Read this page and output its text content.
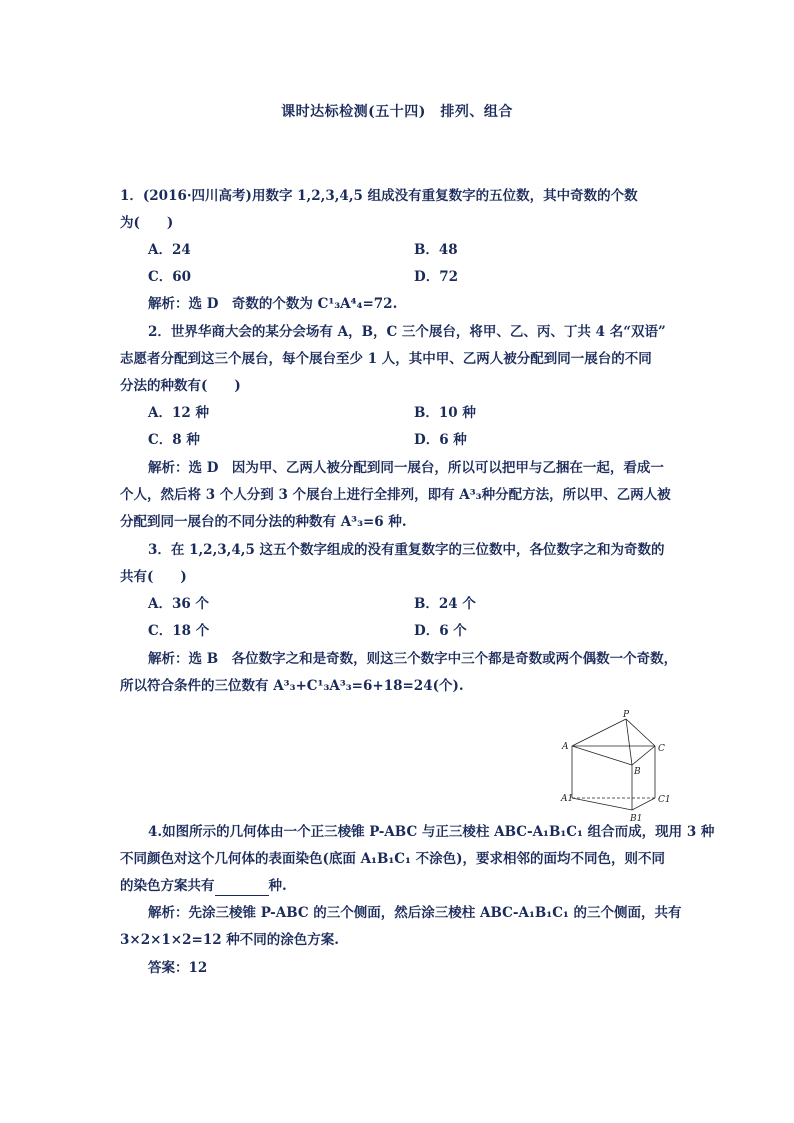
课时达标检测(五十四)　排列、组合
1．(2016·四川高考)用数字 1,2,3,4,5 组成没有重复数字的五位数，其中奇数的个数
为(　　)
A．24	B．48
C．60	D．72
解析：选 D　奇数的个数为 C¹₃A⁴₄=72.
2．世界华商大会的某分会场有 A，B，C 三个展台，将甲、乙、丙、丁共 4 名“双语”
志愿者分配到这三个展台，每个展台至少 1 人，其中甲、乙两人被分配到同一展台的不同
分法的种数有(　　)
A．12 种	B．10 种
C．8 种	D．6 种
解析：选 D　因为甲、乙两人被分配到同一展台，所以可以把甲与乙捆在一起，看成一
个人，然后将 3 个人分到 3 个展台上进行全排列，即有 A³₃种分配方法，所以甲、乙两人被
分配到同一展台的不同分法的种数有 A³₃=6 种.
3．在 1,2,3,4,5 这五个数字组成的没有重复数字的三位数中，各位数字之和为奇数的
共有(　　)
A．36 个	B．24 个
C．18 个	D．6 个
解析：选 B　各位数字之和是奇数，则这三个数字中三个都是奇数或两个偶数一个奇数，
所以符合条件的三位数有 A³₃+C¹₃A³₃=6+18=24(个).
P
A	C
B
A1	C1
B1
4.如图所示的几何体由一个正三棱锥 P-ABC 与正三棱柱 ABC-A₁B₁C₁ 组合而成，现用 3 种
不同颜色对这个几何体的表面染色(底面 A₁B₁C₁ 不涂色)，要求相邻的面均不同色，则不同
的染色方案共有	种.
解析：先涂三棱锥 P-ABC 的三个侧面，然后涂三棱柱 ABC-A₁B₁C₁ 的三个侧面，共有
3×2×1×2=12 种不同的涂色方案.
答案：12
